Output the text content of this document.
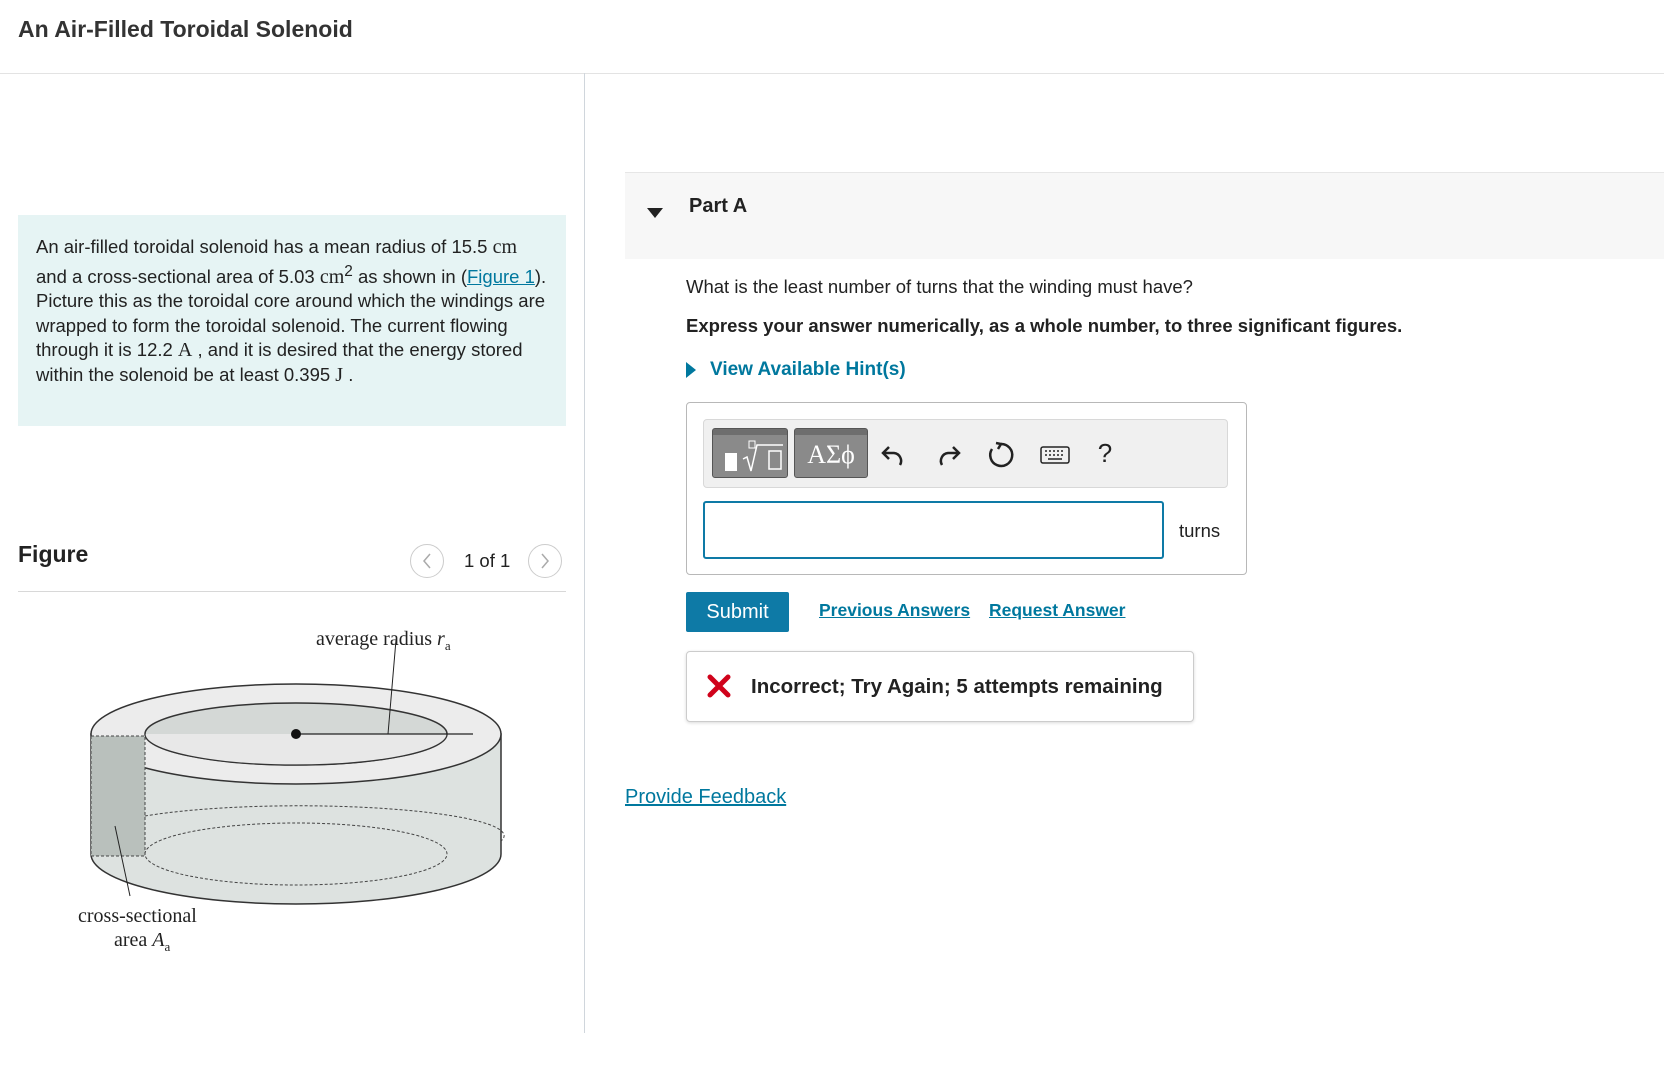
An Air-Filled Toroidal Solenoid
An air-filled toroidal solenoid has a mean radius of 15.5 cm and a cross-sectional area of 5.03 $cm^2$ as shown in (Figure 1). Picture this as the toroidal core around which the windings are wrapped to form the toroidal solenoid. The current flowing through it is 12.2 A , and it is desired that the energy stored within the solenoid be at least 0.395 J .
Figure	1 of 1
average radius $r_a$
cross-sectional
area $A_a$
Part A
What is the least number of turns that the winding must have?
Express your answer numerically, as a whole number, to three significant figures.
View Available Hint(s)
ΑΣϕ	?
turns
Submit	Previous Answers Request Answer
Incorrect; Try Again; 5 attempts remaining
Provide Feedback
